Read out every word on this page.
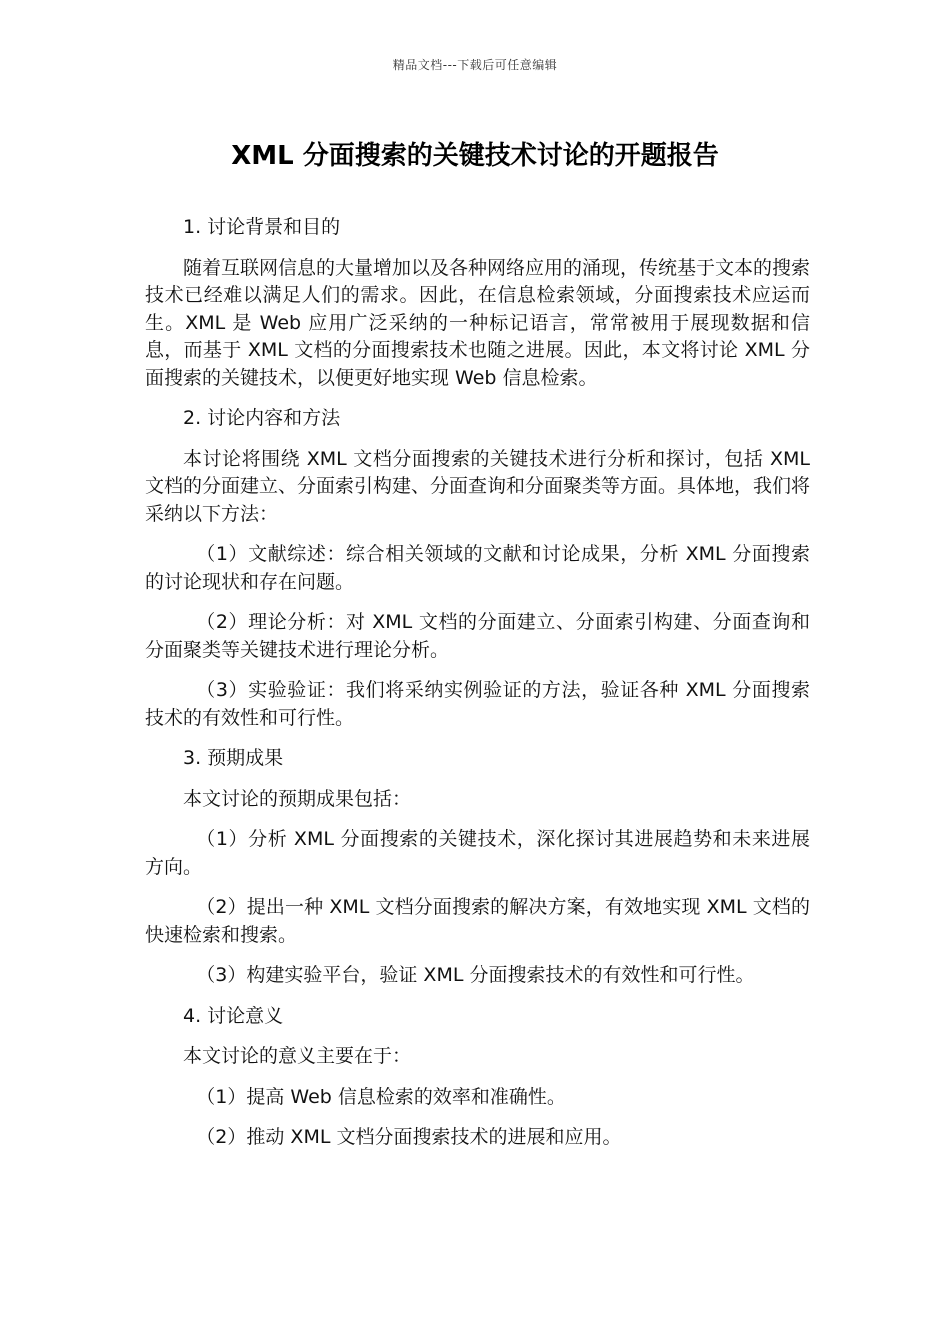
精品文档---下载后可任意编辑
XML 分面搜索的关键技术讨论的开题报告

1. 讨论背景和目的

随着互联网信息的大量增加以及各种网络应用的涌现，传统基于文本的搜索技术已经难以满足人们的需求。因此，在信息检索领域，分面搜索技术应运而生。XML 是 Web 应用广泛采纳的一种标记语言，常常被用于展现数据和信息，而基于 XML 文档的分面搜索技术也随之进展。因此，本文将讨论 XML 分面搜索的关键技术，以便更好地实现 Web 信息检索。

2. 讨论内容和方法

本讨论将围绕 XML 文档分面搜索的关键技术进行分析和探讨，包括 XML 文档的分面建立、分面索引构建、分面查询和分面聚类等方面。具体地，我们将采纳以下方法：

（1）文献综述：综合相关领域的文献和讨论成果，分析 XML 分面搜索的讨论现状和存在问题。

（2）理论分析：对 XML 文档的分面建立、分面索引构建、分面查询和分面聚类等关键技术进行理论分析。

（3）实验验证：我们将采纳实例验证的方法，验证各种 XML 分面搜索技术的有效性和可行性。

3. 预期成果

本文讨论的预期成果包括：

（1）分析 XML 分面搜索的关键技术，深化探讨其进展趋势和未来进展方向。

（2）提出一种 XML 文档分面搜索的解决方案，有效地实现 XML 文档的快速检索和搜索。

（3）构建实验平台，验证 XML 分面搜索技术的有效性和可行性。

4. 讨论意义

本文讨论的意义主要在于：

（1）提高 Web 信息检索的效率和准确性。

（2）推动 XML 文档分面搜索技术的进展和应用。
